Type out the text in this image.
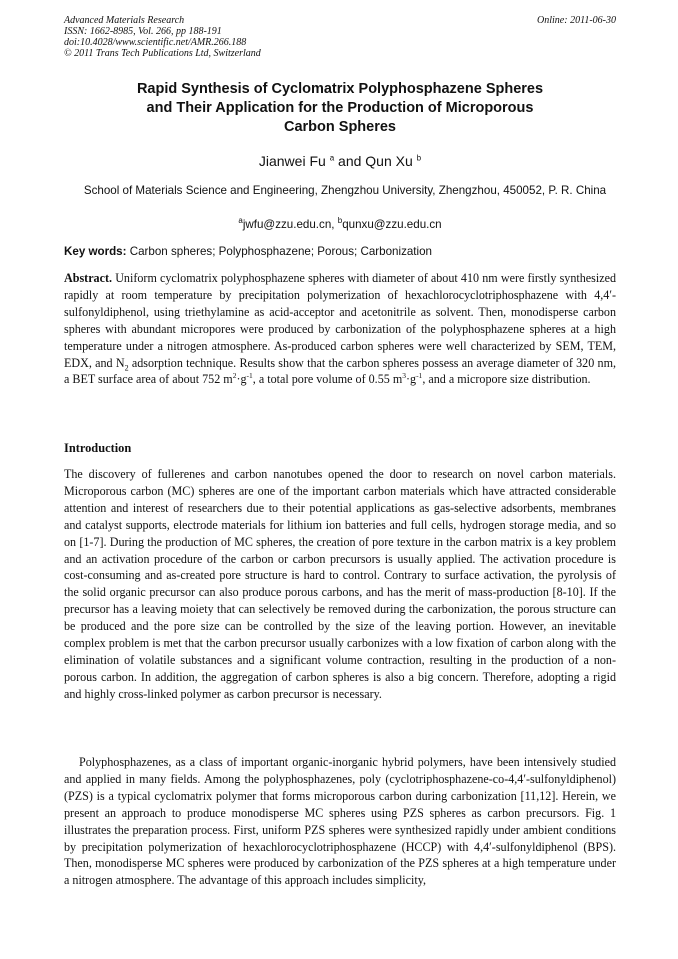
Advanced Materials Research
ISSN: 1662-8985, Vol. 266, pp 188-191
doi:10.4028/www.scientific.net/AMR.266.188
© 2011 Trans Tech Publications Ltd, Switzerland
Online: 2011-06-30
Rapid Synthesis of Cyclomatrix Polyphosphazene Spheres
and Their Application for the Production of Microporous
Carbon Spheres
Jianwei Fu $^a$ and Qun Xu $^b$
School of Materials Science and Engineering, Zhengzhou University, Zhengzhou, 450052, P. R. China
$^a$jwfu@zzu.edu.cn, $^b$qunxu@zzu.edu.cn
Key words: Carbon spheres; Polyphosphazene; Porous; Carbonization
Abstract. Uniform cyclomatrix polyphosphazene spheres with diameter of about 410 nm were firstly synthesized rapidly at room temperature by precipitation polymerization of hexachlorocyclotriphosphazene with 4,4′-sulfonyldiphenol, using triethylamine as acid-acceptor and acetonitrile as solvent. Then, monodisperse carbon spheres with abundant micropores were produced by carbonization of the polyphosphazene spheres at a high temperature under a nitrogen atmosphere. As-produced carbon spheres were well characterized by SEM, TEM, EDX, and $N_2$ adsorption technique. Results show that the carbon spheres possess an average diameter of 320 nm, a BET surface area of about 752 $m^2\cdot g^{-1}$, a total pore volume of 0.55 $m^3\cdot g^{-1}$, and a micropore size distribution.
Introduction
The discovery of fullerenes and carbon nanotubes opened the door to research on novel carbon materials. Microporous carbon (MC) spheres are one of the important carbon materials which have attracted considerable attention and interest of researchers due to their potential applications as gas-selective adsorbents, membranes and catalyst supports, electrode materials for lithium ion batteries and full cells, hydrogen storage media, and so on [1-7]. During the production of MC spheres, the creation of pore texture in the carbon matrix is a key problem and an activation procedure of the carbon or carbon precursors is usually applied. The activation procedure is cost-consuming and as-created pore structure is hard to control. Contrary to surface activation, the pyrolysis of the solid organic precursor can also produce porous carbons, and has the merit of mass-production [8-10]. If the precursor has a leaving moiety that can selectively be removed during the carbonization, the porous structure can be produced and the pore size can be controlled by the size of the leaving portion. However, an inevitable complex problem is met that the carbon precursor usually carbonizes with a low fixation of carbon along with the elimination of volatile substances and a significant volume contraction, resulting in the production of a non-porous carbon. In addition, the aggregation of carbon spheres is also a big concern. Therefore, adopting a rigid and highly cross-linked polymer as carbon precursor is necessary.
Polyphosphazenes, as a class of important organic-inorganic hybrid polymers, have been intensively studied and applied in many fields. Among the polyphosphazenes, poly (cyclotriphosphazene-co-4,4′-sulfonyldiphenol) (PZS) is a typical cyclomatrix polymer that forms microporous carbon during carbonization [11,12]. Herein, we present an approach to produce monodisperse MC spheres using PZS spheres as carbon precursors. Fig. 1 illustrates the preparation process. First, uniform PZS spheres were synthesized rapidly under ambient conditions by precipitation polymerization of hexachlorocyclotriphosphazene (HCCP) with 4,4′-sulfonyldiphenol (BPS). Then, monodisperse MC spheres were produced by carbonization of the PZS spheres at a high temperature under a nitrogen atmosphere. The advantage of this approach includes simplicity,
